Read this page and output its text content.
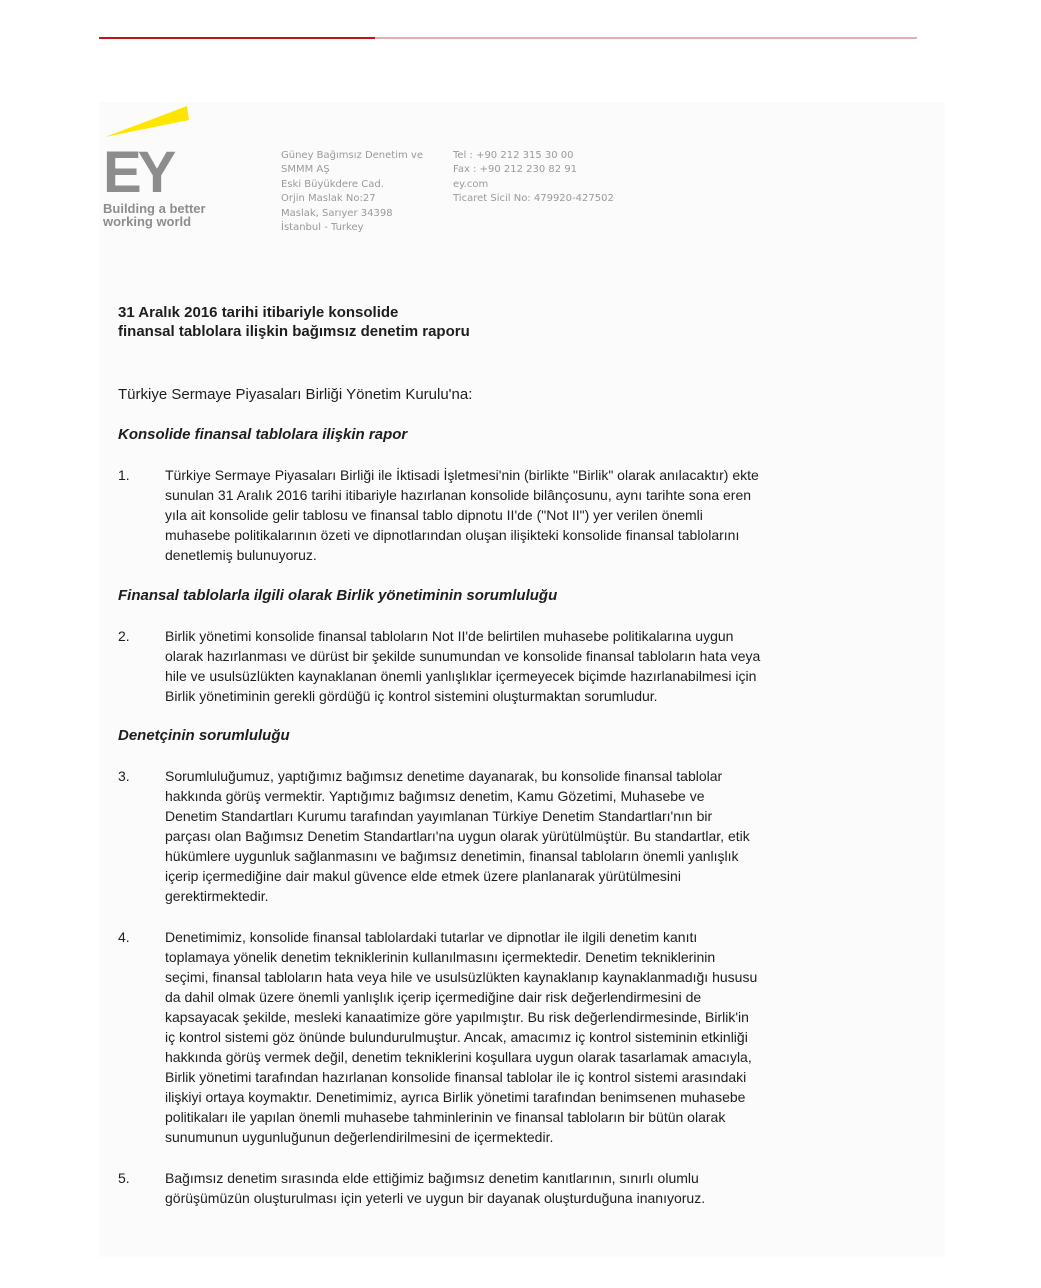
EY
Building a better
working world
Güney Bağımsız Denetim ve
SMMM AŞ
Eski Büyükdere Cad.
Orjin Maslak No:27
Maslak, Sarıyer 34398
İstanbul - Turkey
Tel : +90 212 315 30 00
Fax : +90 212 230 82 91
ey.com
Ticaret Sicil No: 479920-427502
31 Aralık 2016 tarihi itibariyle konsolide
finansal tablolara ilişkin bağımsız denetim raporu
Türkiye Sermaye Piyasaları Birliği Yönetim Kurulu'na:
Konsolide finansal tablolara ilişkin rapor
1.	Türkiye Sermaye Piyasaları Birliği ile İktisadi İşletmesi'nin (birlikte "Birlik" olarak anılacaktır) ekte
sunulan 31 Aralık 2016 tarihi itibariyle hazırlanan konsolide bilânçosunu, aynı tarihte sona eren
yıla ait konsolide gelir tablosu ve finansal tablo dipnotu II'de ("Not II") yer verilen önemli
muhasebe politikalarının özeti ve dipnotlarından oluşan ilişikteki konsolide finansal tablolarını
denetlemiş bulunuyoruz.
Finansal tablolarla ilgili olarak Birlik yönetiminin sorumluluğu
2.	Birlik yönetimi konsolide finansal tabloların Not II'de belirtilen muhasebe politikalarına uygun
olarak hazırlanması ve dürüst bir şekilde sunumundan ve konsolide finansal tabloların hata veya
hile ve usulsüzlükten kaynaklanan önemli yanlışlıklar içermeyecek biçimde hazırlanabilmesi için
Birlik yönetiminin gerekli gördüğü iç kontrol sistemini oluşturmaktan sorumludur.
Denetçinin sorumluluğu
3.	Sorumluluğumuz, yaptığımız bağımsız denetime dayanarak, bu konsolide finansal tablolar
hakkında görüş vermektir. Yaptığımız bağımsız denetim, Kamu Gözetimi, Muhasebe ve
Denetim Standartları Kurumu tarafından yayımlanan Türkiye Denetim Standartları'nın bir
parçası olan Bağımsız Denetim Standartları'na uygun olarak yürütülmüştür. Bu standartlar, etik
hükümlere uygunluk sağlanmasını ve bağımsız denetimin, finansal tabloların önemli yanlışlık
içerip içermediğine dair makul güvence elde etmek üzere planlanarak yürütülmesini
gerektirmektedir.
4.	Denetimimiz, konsolide finansal tablolardaki tutarlar ve dipnotlar ile ilgili denetim kanıtı
toplamaya yönelik denetim tekniklerinin kullanılmasını içermektedir. Denetim tekniklerinin
seçimi, finansal tabloların hata veya hile ve usulsüzlükten kaynaklanıp kaynaklanmadığı hususu
da dahil olmak üzere önemli yanlışlık içerip içermediğine dair risk değerlendirmesini de
kapsayacak şekilde, mesleki kanaatimize göre yapılmıştır. Bu risk değerlendirmesinde, Birlik'in
iç kontrol sistemi göz önünde bulundurulmuştur. Ancak, amacımız iç kontrol sisteminin etkinliği
hakkında görüş vermek değil, denetim tekniklerini koşullara uygun olarak tasarlamak amacıyla,
Birlik yönetimi tarafından hazırlanan konsolide finansal tablolar ile iç kontrol sistemi arasındaki
ilişkiyi ortaya koymaktır. Denetimimiz, ayrıca Birlik yönetimi tarafından benimsenen muhasebe
politikaları ile yapılan önemli muhasebe tahminlerinin ve finansal tabloların bir bütün olarak
sunumunun uygunluğunun değerlendirilmesini de içermektedir.
5.	Bağımsız denetim sırasında elde ettiğimiz bağımsız denetim kanıtlarının, sınırlı olumlu
görüşümüzün oluşturulması için yeterli ve uygun bir dayanak oluşturduğuna inanıyoruz.
